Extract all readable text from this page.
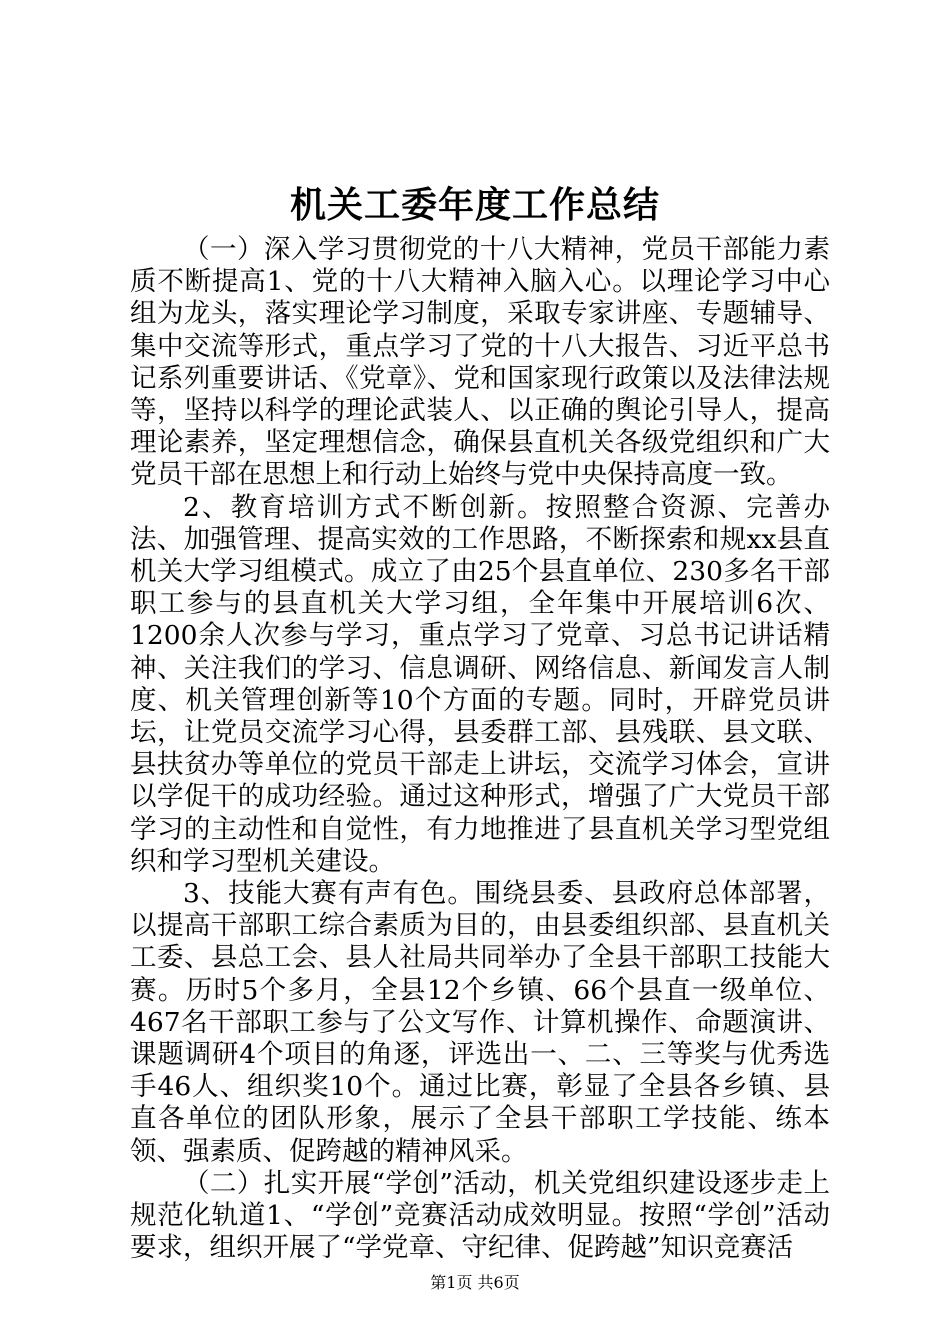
机关工委年度工作总结

（一）深入学习贯彻党的十八大精神，党员干部能力素质不断提高1、党的十八大精神入脑入心。以理论学习中心组为龙头，落实理论学习制度，采取专家讲座、专题辅导、集中交流等形式，重点学习了党的十八大报告、习近平总书记系列重要讲话、《党章》、党和国家现行政策以及法律法规等，坚持以科学的理论武装人、以正确的舆论引导人，提高理论素养，坚定理想信念，确保县直机关各级党组织和广大党员干部在思想上和行动上始终与党中央保持高度一致。

2、教育培训方式不断创新。按照整合资源、完善办法、加强管理、提高实效的工作思路，不断探索和规xx县直机关大学习组模式。成立了由25个县直单位、230多名干部职工参与的县直机关大学习组，全年集中开展培训6次、1200余人次参与学习，重点学习了党章、习总书记讲话精神、关注我们的学习、信息调研、网络信息、新闻发言人制度、机关管理创新等10个方面的专题。同时，开辟党员讲坛，让党员交流学习心得，县委群工部、县残联、县文联、县扶贫办等单位的党员干部走上讲坛，交流学习体会，宣讲以学促干的成功经验。通过这种形式，增强了广大党员干部学习的主动性和自觉性，有力地推进了县直机关学习型党组织和学习型机关建设。

3、技能大赛有声有色。围绕县委、县政府总体部署，以提高干部职工综合素质为目的，由县委组织部、县直机关工委、县总工会、县人社局共同举办了全县干部职工技能大赛。历时5个多月，全县12个乡镇、66个县直一级单位、467名干部职工参与了公文写作、计算机操作、命题演讲、课题调研4个项目的角逐，评选出一、二、三等奖与优秀选手46人、组织奖10个。通过比赛，彰显了全县各乡镇、县直各单位的团队形象，展示了全县干部职工学技能、练本领、强素质、促跨越的精神风采。

（二）扎实开展“学创”活动，机关党组织建设逐步走上规范化轨道1、“学创”竞赛活动成效明显。按照“学创”活动要求，组织开展了“学党章、守纪律、促跨越”知识竞赛活

第1页 共6页
